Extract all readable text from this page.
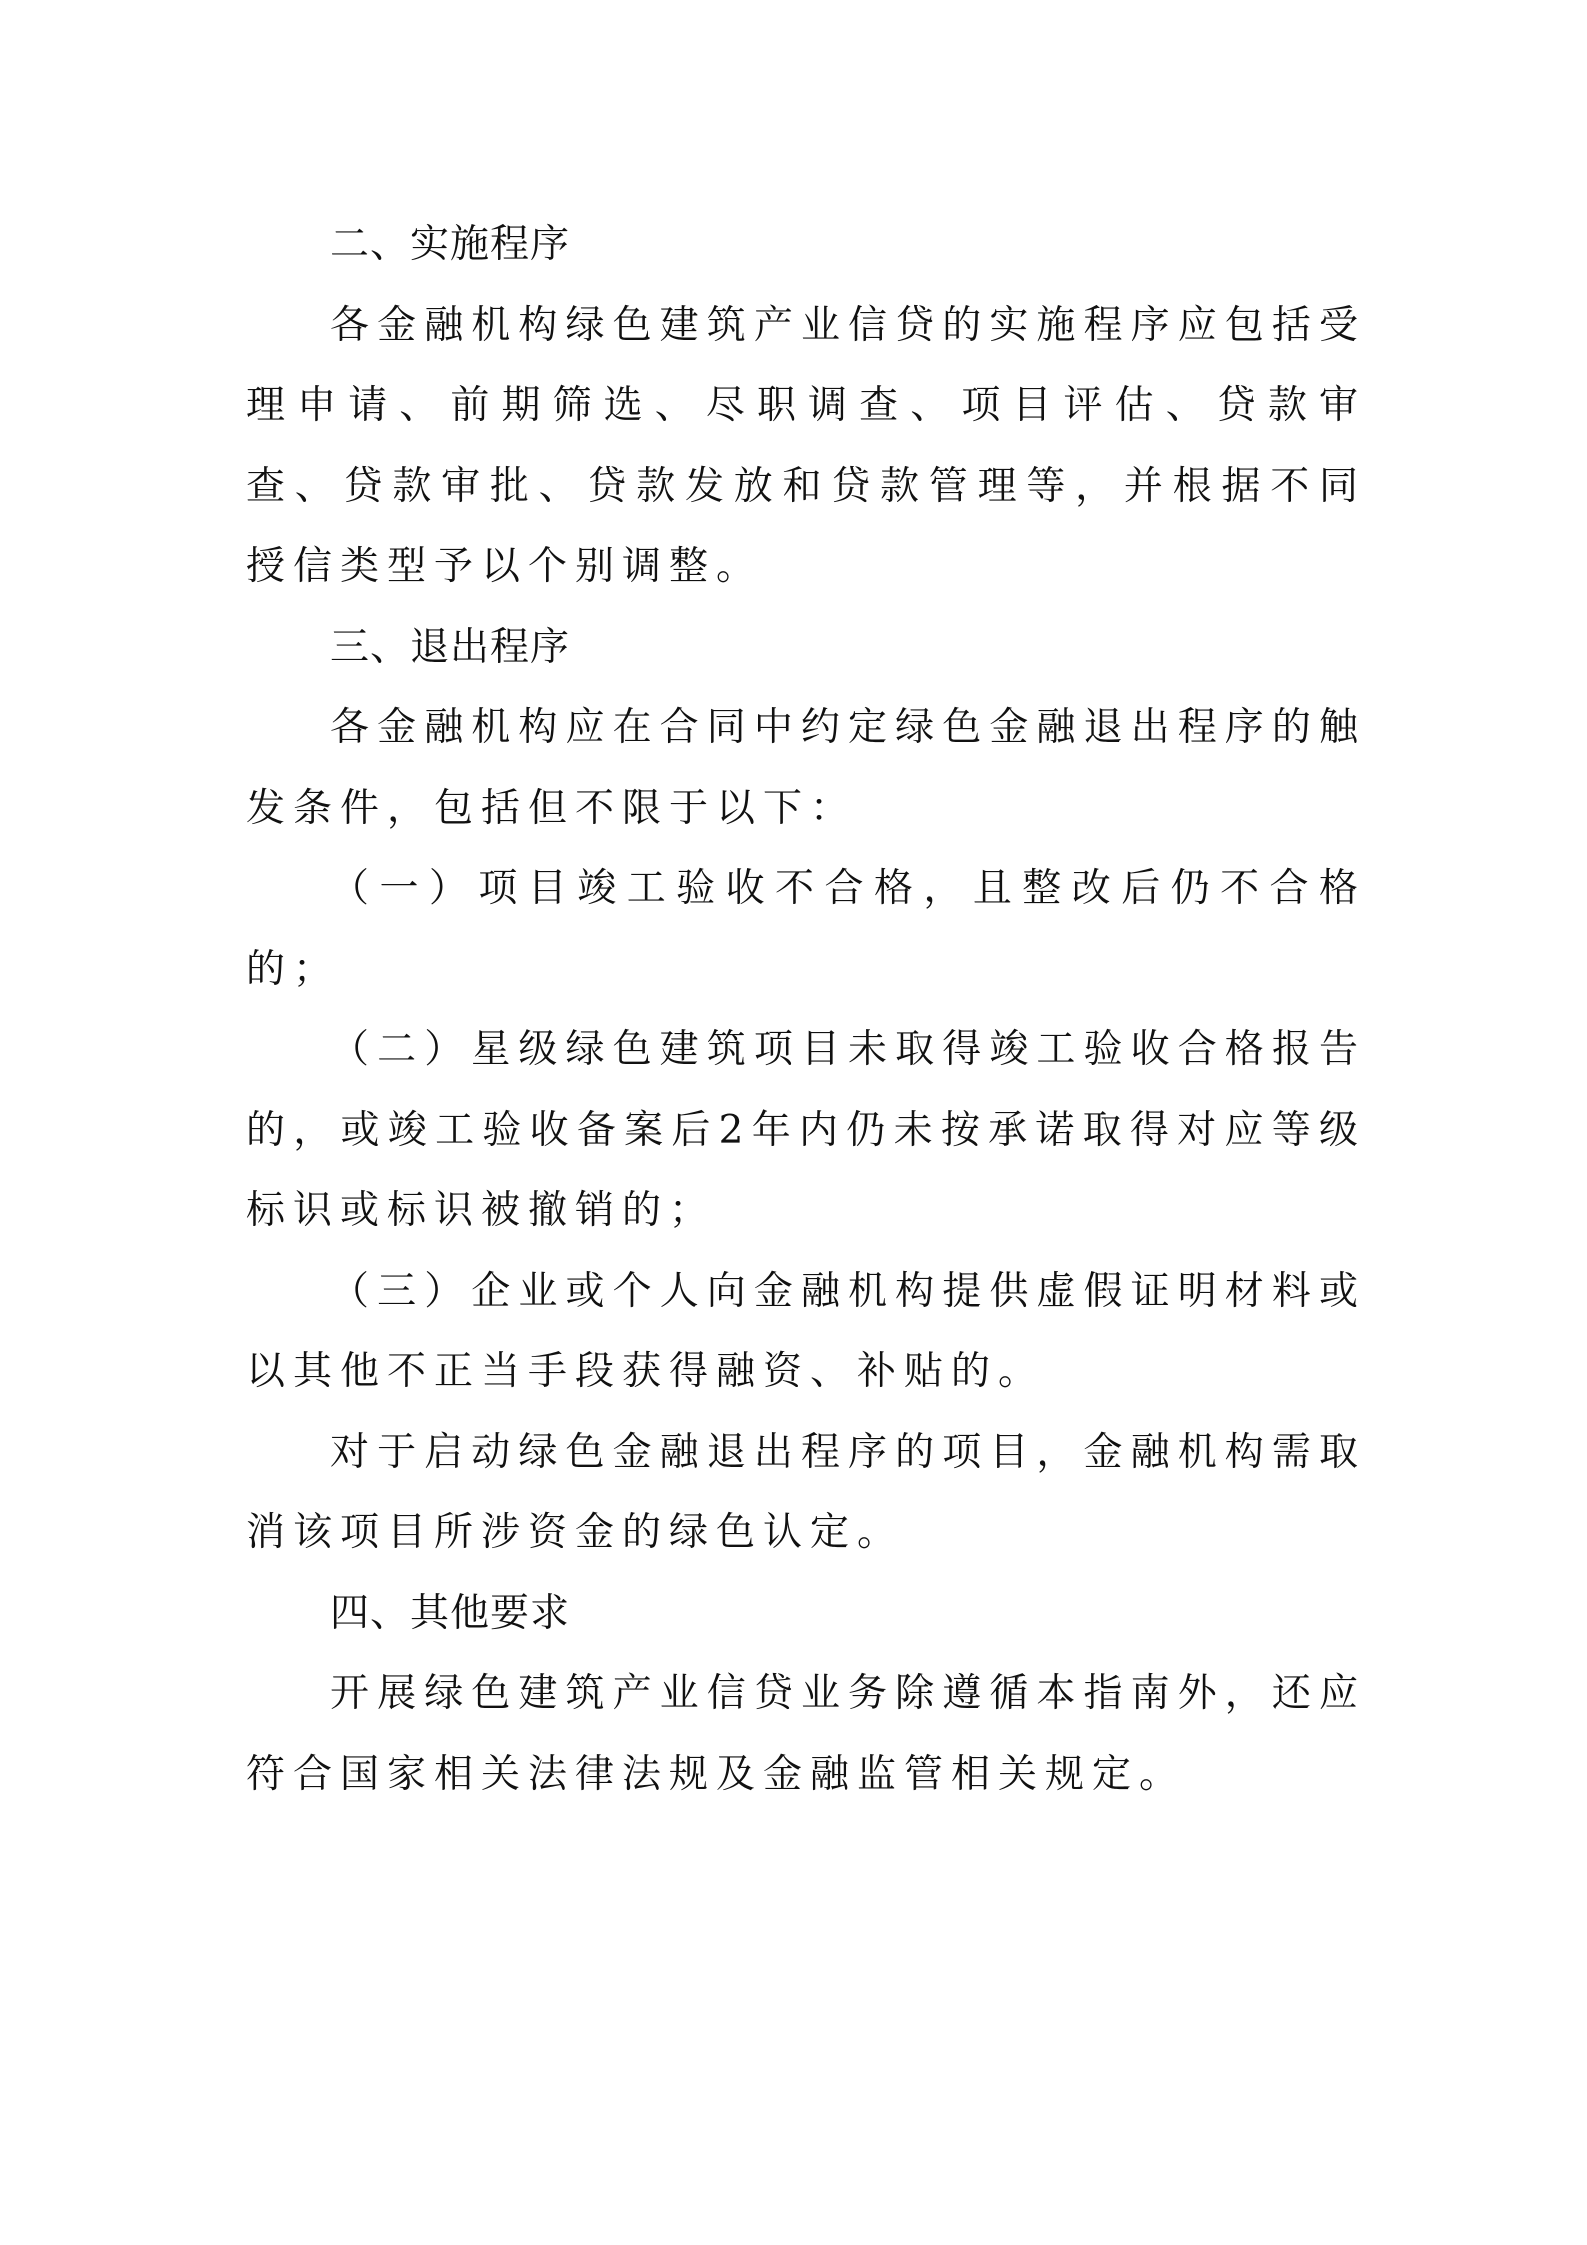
二、实施程序

各金融机构绿色建筑产业信贷的实施程序应包括受理申请、前期筛选、尽职调查、项目评估、贷款审查、贷款审批、贷款发放和贷款管理等，并根据不同授信类型予以个别调整。

三、退出程序

各金融机构应在合同中约定绿色金融退出程序的触发条件，包括但不限于以下：

（一）项目竣工验收不合格，且整改后仍不合格的；

（二）星级绿色建筑项目未取得竣工验收合格报告的，或竣工验收备案后2年内仍未按承诺取得对应等级标识或标识被撤销的；

（三）企业或个人向金融机构提供虚假证明材料或以其他不正当手段获得融资、补贴的。

对于启动绿色金融退出程序的项目，金融机构需取消该项目所涉资金的绿色认定。

四、其他要求

开展绿色建筑产业信贷业务除遵循本指南外，还应符合国家相关法律法规及金融监管相关规定。
